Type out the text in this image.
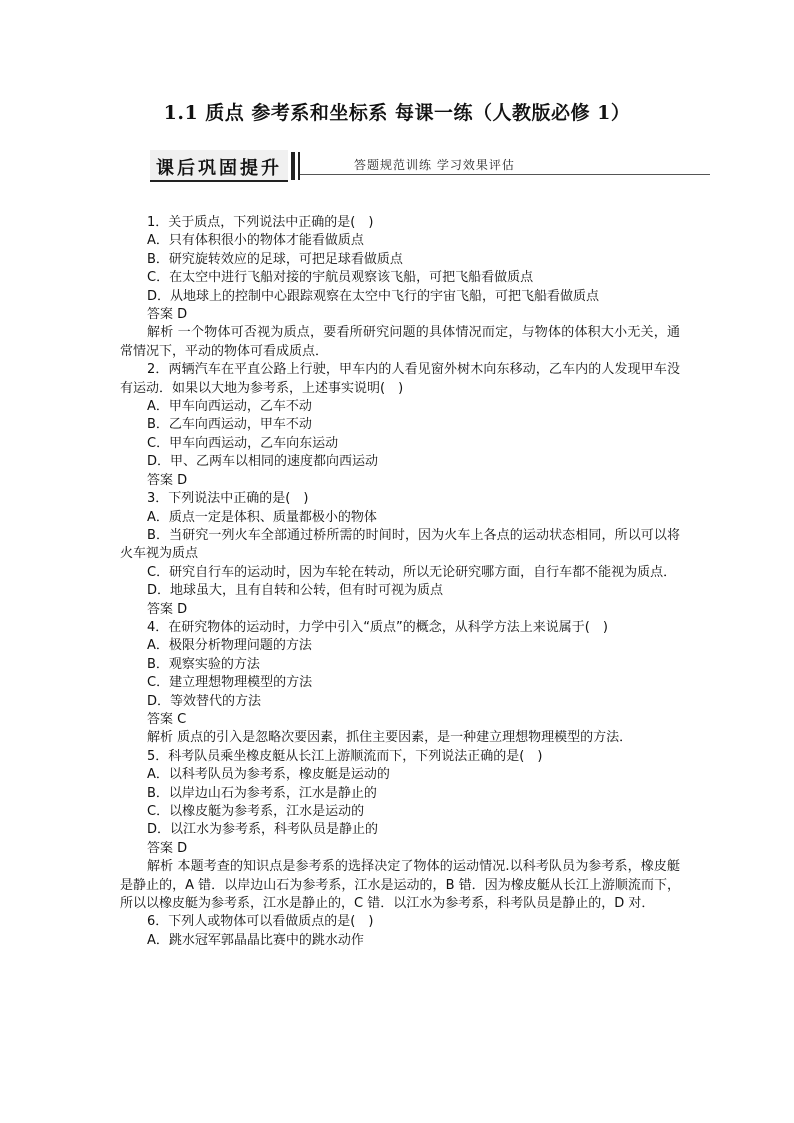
1.1 质点 参考系和坐标系 每课一练（人教版必修 1）
课后巩固提升	答题规范训练 学习效果评估

1．关于质点，下列说法中正确的是(　)

A．只有体积很小的物体才能看做质点

B．研究旋转效应的足球，可把足球看做质点

C．在太空中进行飞船对接的宇航员观察该飞船，可把飞船看做质点

D．从地球上的控制中心跟踪观察在太空中飞行的宇宙飞船，可把飞船看做质点

答案 D

解析 一个物体可否视为质点，要看所研究问题的具体情况而定，与物体的体积大小无关，通常情况下，平动的物体可看成质点．

2．两辆汽车在平直公路上行驶，甲车内的人看见窗外树木向东移动，乙车内的人发现甲车没有运动．如果以大地为参考系，上述事实说明(　)

A．甲车向西运动，乙车不动

B．乙车向西运动，甲车不动

C．甲车向西运动，乙车向东运动

D．甲、乙两车以相同的速度都向西运动

答案 D

3．下列说法中正确的是(　)

A．质点一定是体积、质量都极小的物体

B．当研究一列火车全部通过桥所需的时间时，因为火车上各点的运动状态相同，所以可以将火车视为质点

C．研究自行车的运动时，因为车轮在转动，所以无论研究哪方面，自行车都不能视为质点．

D．地球虽大，且有自转和公转，但有时可视为质点

答案 D

4．在研究物体的运动时，力学中引入“质点”的概念，从科学方法上来说属于(　)

A．极限分析物理问题的方法

B．观察实验的方法

C．建立理想物理模型的方法

D．等效替代的方法

答案 C

解析 质点的引入是忽略次要因素，抓住主要因素，是一种建立理想物理模型的方法．

5．科考队员乘坐橡皮艇从长江上游顺流而下，下列说法正确的是(　)

A．以科考队员为参考系，橡皮艇是运动的

B．以岸边山石为参考系，江水是静止的

C．以橡皮艇为参考系，江水是运动的

D．以江水为参考系，科考队员是静止的

答案 D

解析 本题考查的知识点是参考系的选择决定了物体的运动情况.以科考队员为参考系，橡皮艇是静止的，A 错．以岸边山石为参考系，江水是运动的，B 错．因为橡皮艇从长江上游顺流而下，所以以橡皮艇为参考系，江水是静止的，C 错．以江水为参考系，科考队员是静止的，D 对．

6．下列人或物体可以看做质点的是(　)

A．跳水冠军郭晶晶比赛中的跳水动作
